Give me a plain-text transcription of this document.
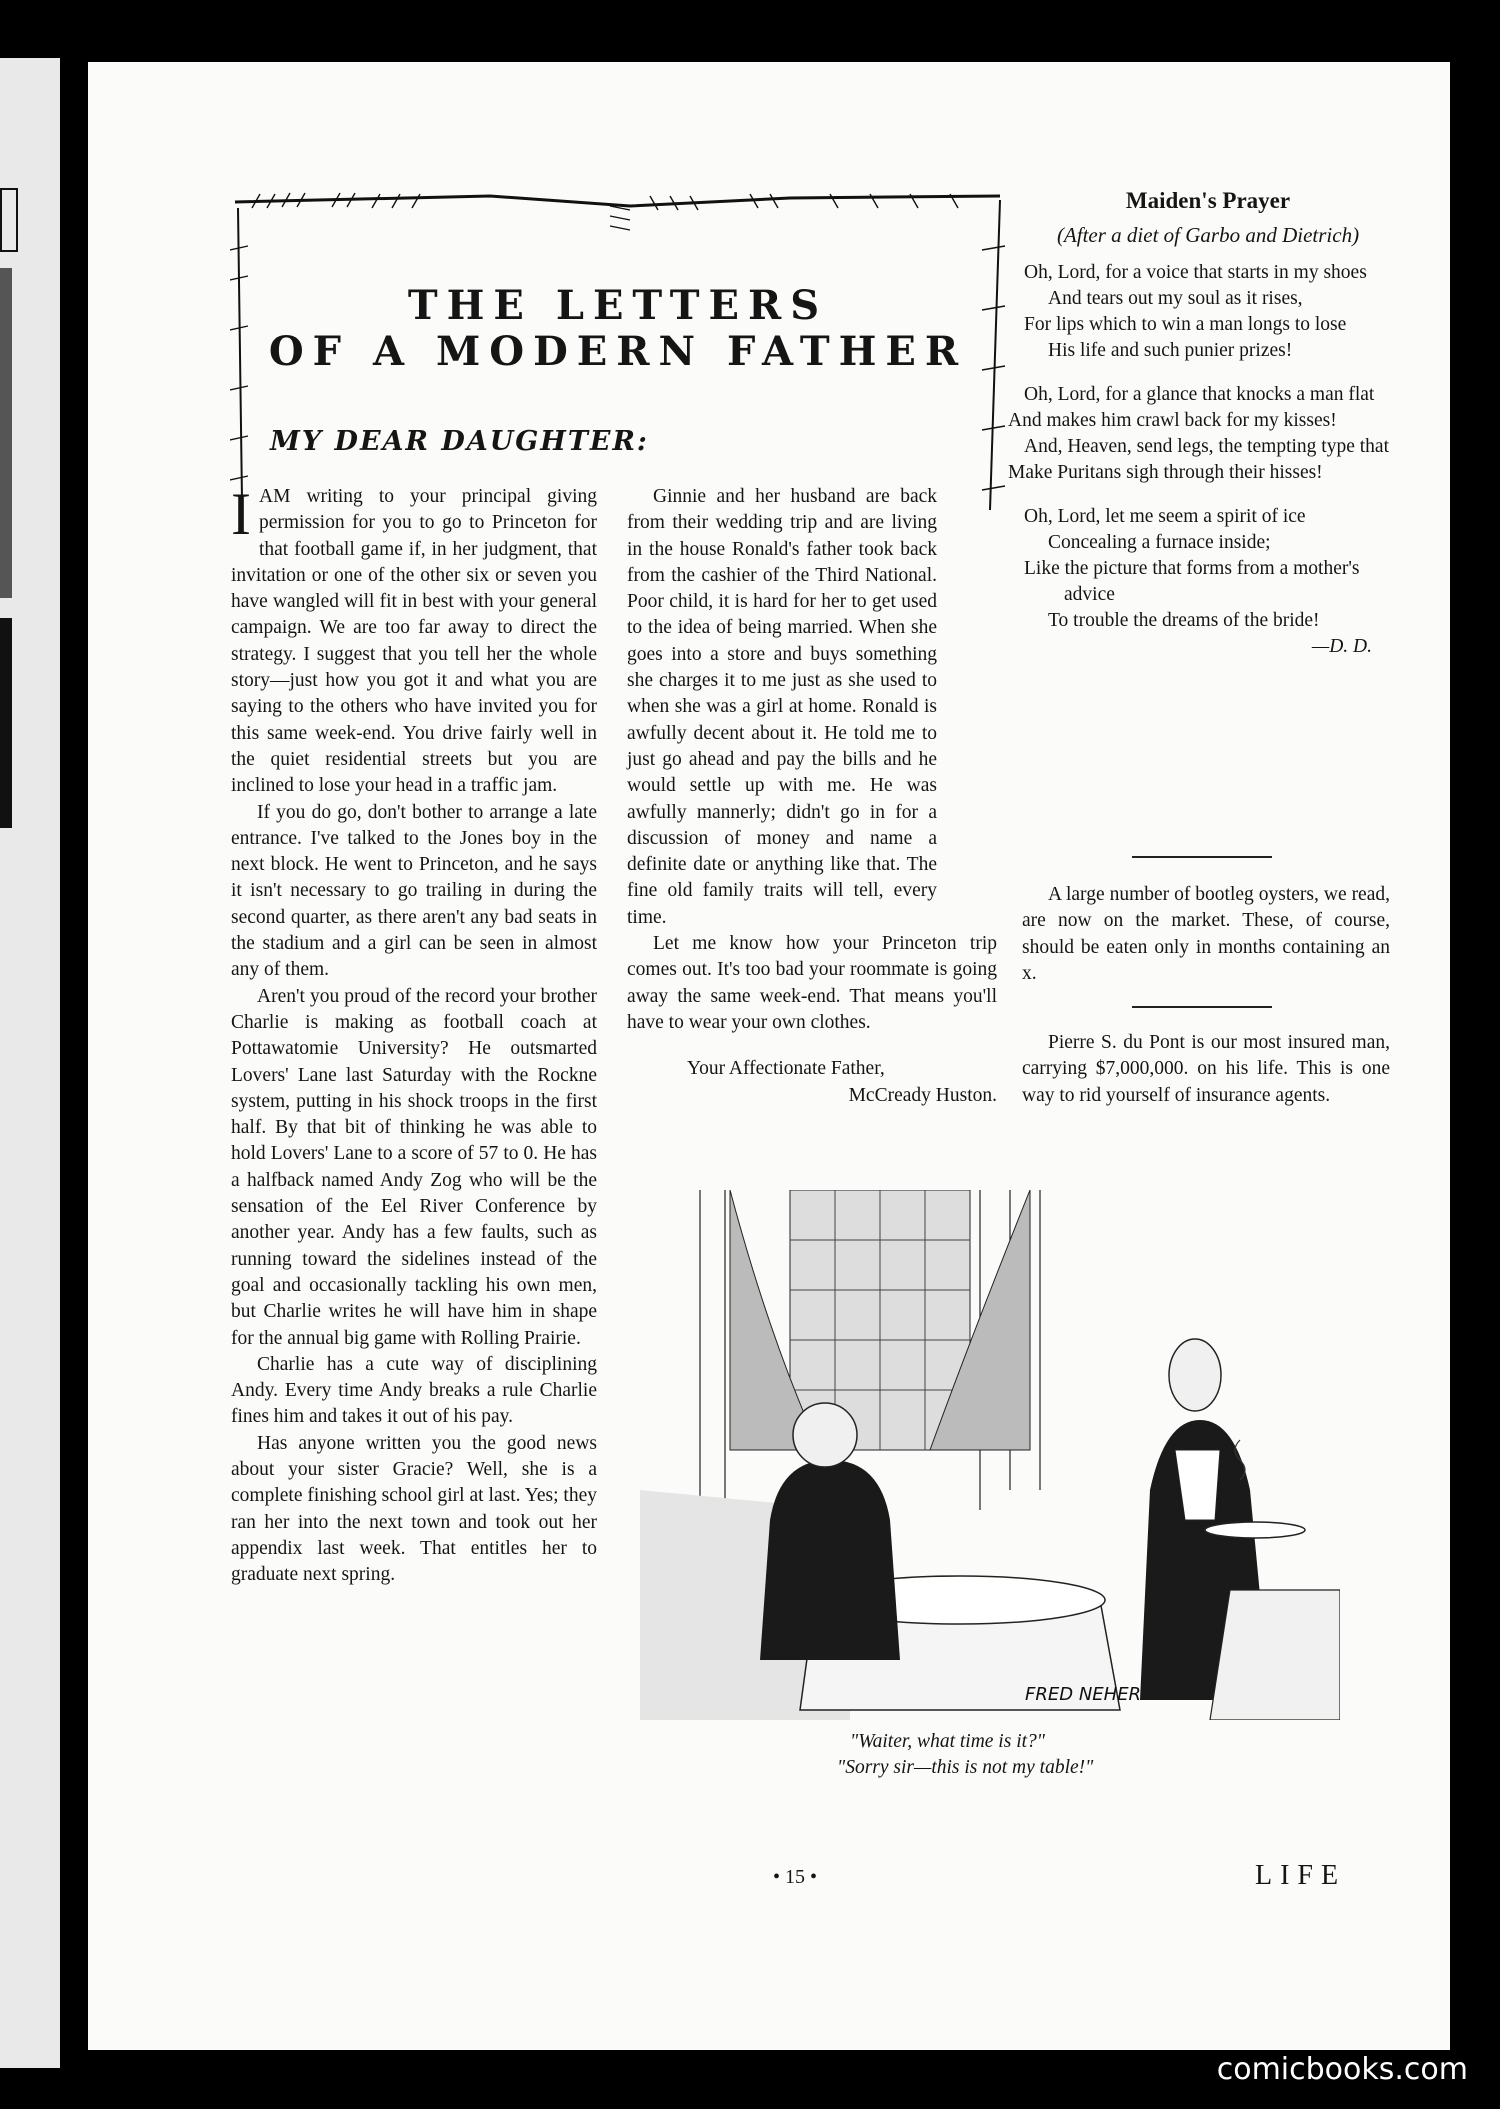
THE LETTERS
OF A MODERN FATHER
MY DEAR DAUGHTER:

I AM writing to your principal giving permission for you to go to Princeton for that football game if, in her judgment, that invitation or one of the other six or seven you have wangled will fit in best with your general campaign. We are too far away to direct the strategy. I suggest that you tell her the whole story—just how you got it and what you are saying to the others who have invited you for this same week-end. You drive fairly well in the quiet residential streets but you are inclined to lose your head in a traffic jam.

If you do go, don't bother to arrange a late entrance. I've talked to the Jones boy in the next block. He went to Princeton, and he says it isn't necessary to go trailing in during the second quarter, as there aren't any bad seats in the stadium and a girl can be seen in almost any of them.

Aren't you proud of the record your brother Charlie is making as football coach at Pottawatomie University? He outsmarted Lovers' Lane last Saturday with the Rockne system, putting in his shock troops in the first half. By that bit of thinking he was able to hold Lovers' Lane to a score of 57 to 0. He has a halfback named Andy Zog who will be the sensation of the Eel River Conference by another year. Andy has a few faults, such as running toward the sidelines instead of the goal and occasionally tackling his own men, but Charlie writes he will have him in shape for the annual big game with Rolling Prairie.

Charlie has a cute way of disciplining Andy. Every time Andy breaks a rule Charlie fines him and takes it out of his pay.

Has anyone written you the good news about your sister Gracie? Well, she is a complete finishing school girl at last. Yes; they ran her into the next town and took out her appendix last week. That entitles her to graduate next spring.

Ginnie and her husband are back from their wedding trip and are living in the house Ronald's father took back from the cashier of the Third National. Poor child, it is hard for her to get used to the idea of being married. When she goes into a store and buys something she charges it to me just as she used to when she was a girl at home. Ronald is awfully decent about it. He told me to just go ahead and pay the bills and he would settle up with me. He was awfully mannerly; didn't go in for a discussion of money and name a definite date or anything like that. The fine old family traits will tell, every time.

Let me know how your Princeton trip comes out. It's too bad your roommate is going away the same week-end. That means you'll have to wear your own clothes.

Your Affectionate Father,
McCready Huston.
Maiden's Prayer
(After a diet of Garbo and Dietrich)
Oh, Lord, for a voice that starts in my shoes
And tears out my soul as it rises,
For lips which to win a man longs to lose
His life and such punier prizes!
Oh, Lord, for a glance that knocks a man flat
And makes him crawl back for my kisses!
And, Heaven, send legs, the tempting type that
Make Puritans sigh through their hisses!
Oh, Lord, let me seem a spirit of ice
Concealing a furnace inside;
Like the picture that forms from a mother's advice
To trouble the dreams of the bride!
—D. D.

A large number of bootleg oysters, we read, are now on the market. These, of course, should be eaten only in months containing an x.

Pierre S. du Pont is our most insured man, carrying $7,000,000. on his life. This is one way to rid yourself of insurance agents.

FRED NEHER
"Waiter, what time is it?"
"Sorry sir—this is not my table!"
• 15 •	LIFE
comicbooks.com
